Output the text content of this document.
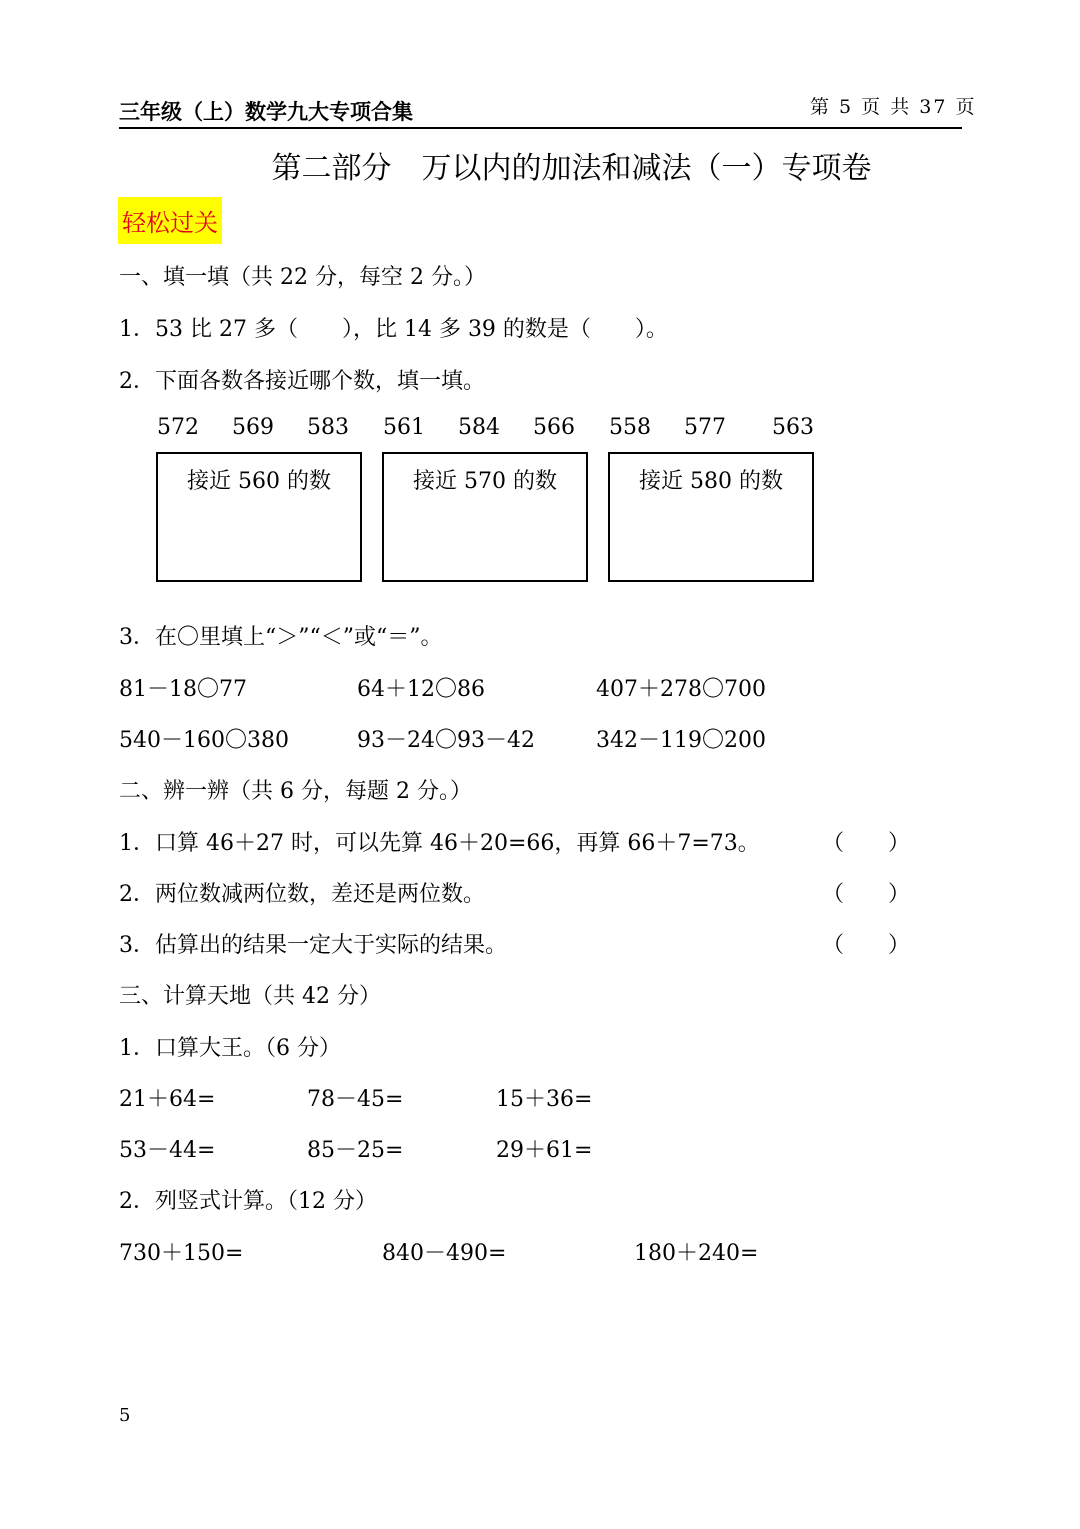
三年级（上）数学九大专项合集	第 5 页 共 37 页
第二部分　万以内的加法和减法（一）专项卷
轻松过关
一、填一填（共 22 分，每空 2 分。）
1．53 比 27 多（　　），比 14 多 39 的数是（　　）。
2．下面各数各接近哪个数，填一填。
572 569 583 561 584 566 558 577 563
接近 560 的数	接近 570 的数	接近 580 的数
3．在〇里填上“＞”“＜”或“＝”。
81－18〇77	64＋12〇86	407＋278〇700
540－160〇380	93－24〇93－42	342－119〇200
二、辨一辨（共 6 分，每题 2 分。）
1．口算 46＋27 时，可以先算 46＋20=66，再算 66＋7=73。	（　　）
2．两位数减两位数，差还是两位数。	（　　）
3．估算出的结果一定大于实际的结果。	（　　）
三、计算天地（共 42 分）
1．口算大王。（6 分）
21＋64=	78－45=	15＋36=
53－44=	85－25=	29＋61=
2．列竖式计算。（12 分）
730＋150=	840－490=	180＋240=
5
